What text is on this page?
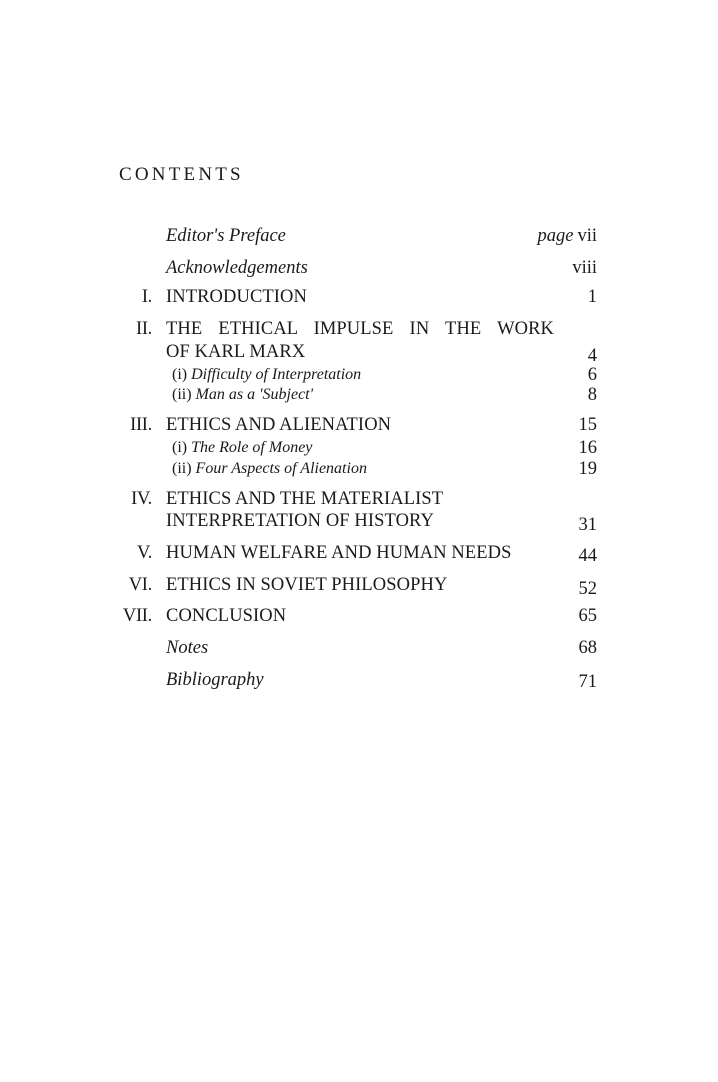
CONTENTS
Editor's Preface	page vii
Acknowledgements	viii
I. INTRODUCTION	1
II. THE ETHICAL IMPULSE IN THE WORK
OF KARL MARX	4
(i) Difficulty of Interpretation	6
(ii) Man as a 'Subject'	8
III. ETHICS AND ALIENATION	15
(i) The Role of Money	16
(ii) Four Aspects of Alienation	19
IV. ETHICS AND THE MATERIALIST
INTERPRETATION OF HISTORY	31
V. HUMAN WELFARE AND HUMAN NEEDS	44
VI. ETHICS IN SOVIET PHILOSOPHY	52
VII. CONCLUSION	65
Notes	68
Bibliography	71
